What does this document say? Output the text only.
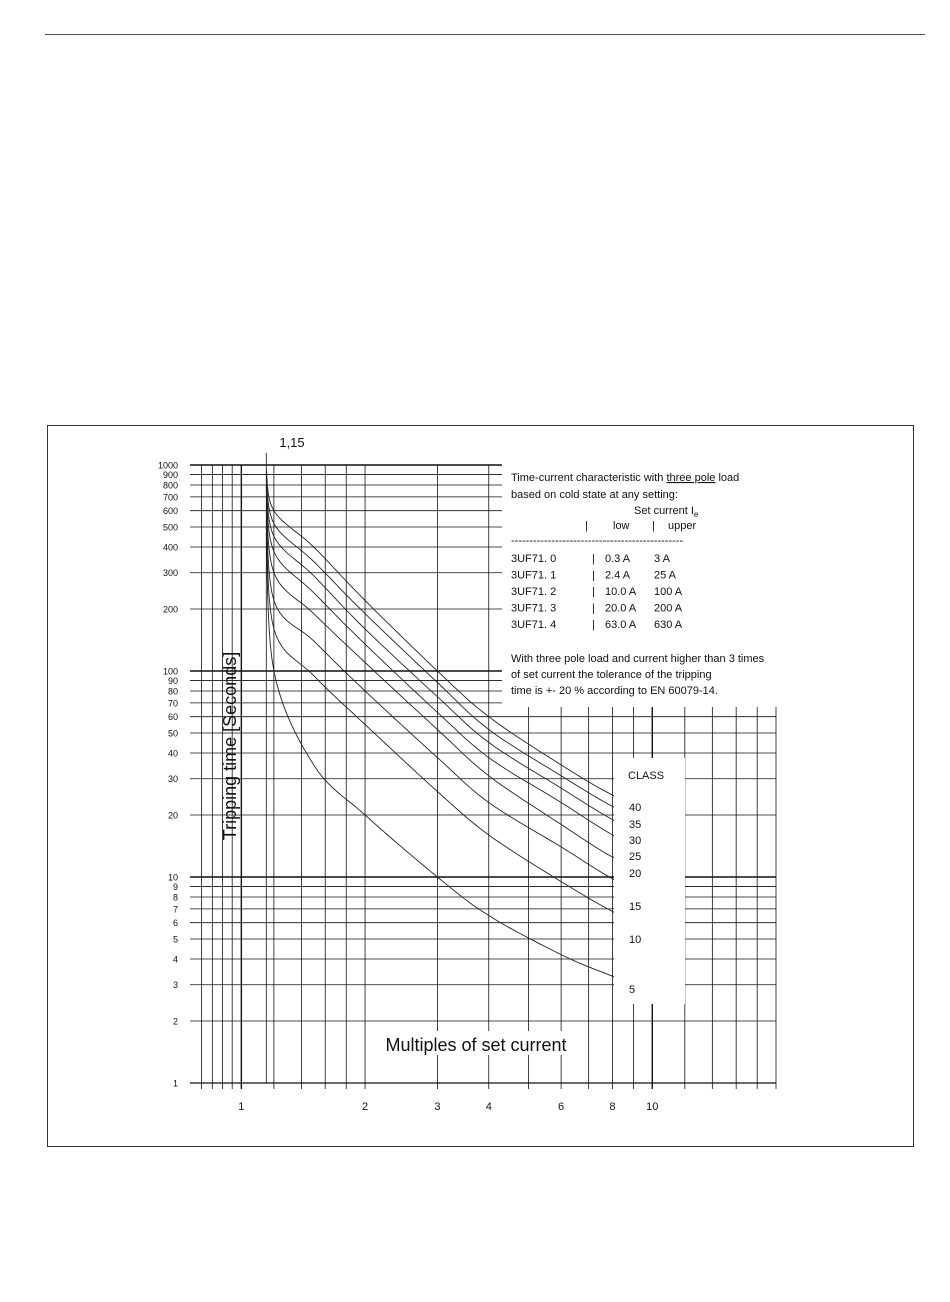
1000
900
800
700
600
500
400
300
200
100
90
80
70
60
50
40
30
20
10
9
8
7
6
5
4
3
2
1
1	2	3	4	6	8	10
1,15
Tripping time [Seconds]
Multiples of set current
Time-current characteristic with three pole load
based on cold state at any setting:
Set current $I_e$
| low | upper
-----------------------------------------------
3UF71. 0	| 0.3 A 3 A
3UF71. 1	| 2.4 A 25 A
3UF71. 2	| 10.0 A 100 A
3UF71. 3	| 20.0 A 200 A
3UF71. 4	| 63.0 A 630 A
With three pole load and current higher than 3 times
of set current the tolerance of the tripping
time is +- 20 % according to EN 60079-14.
CLASS
40
35
30
25
20
15
10
5
